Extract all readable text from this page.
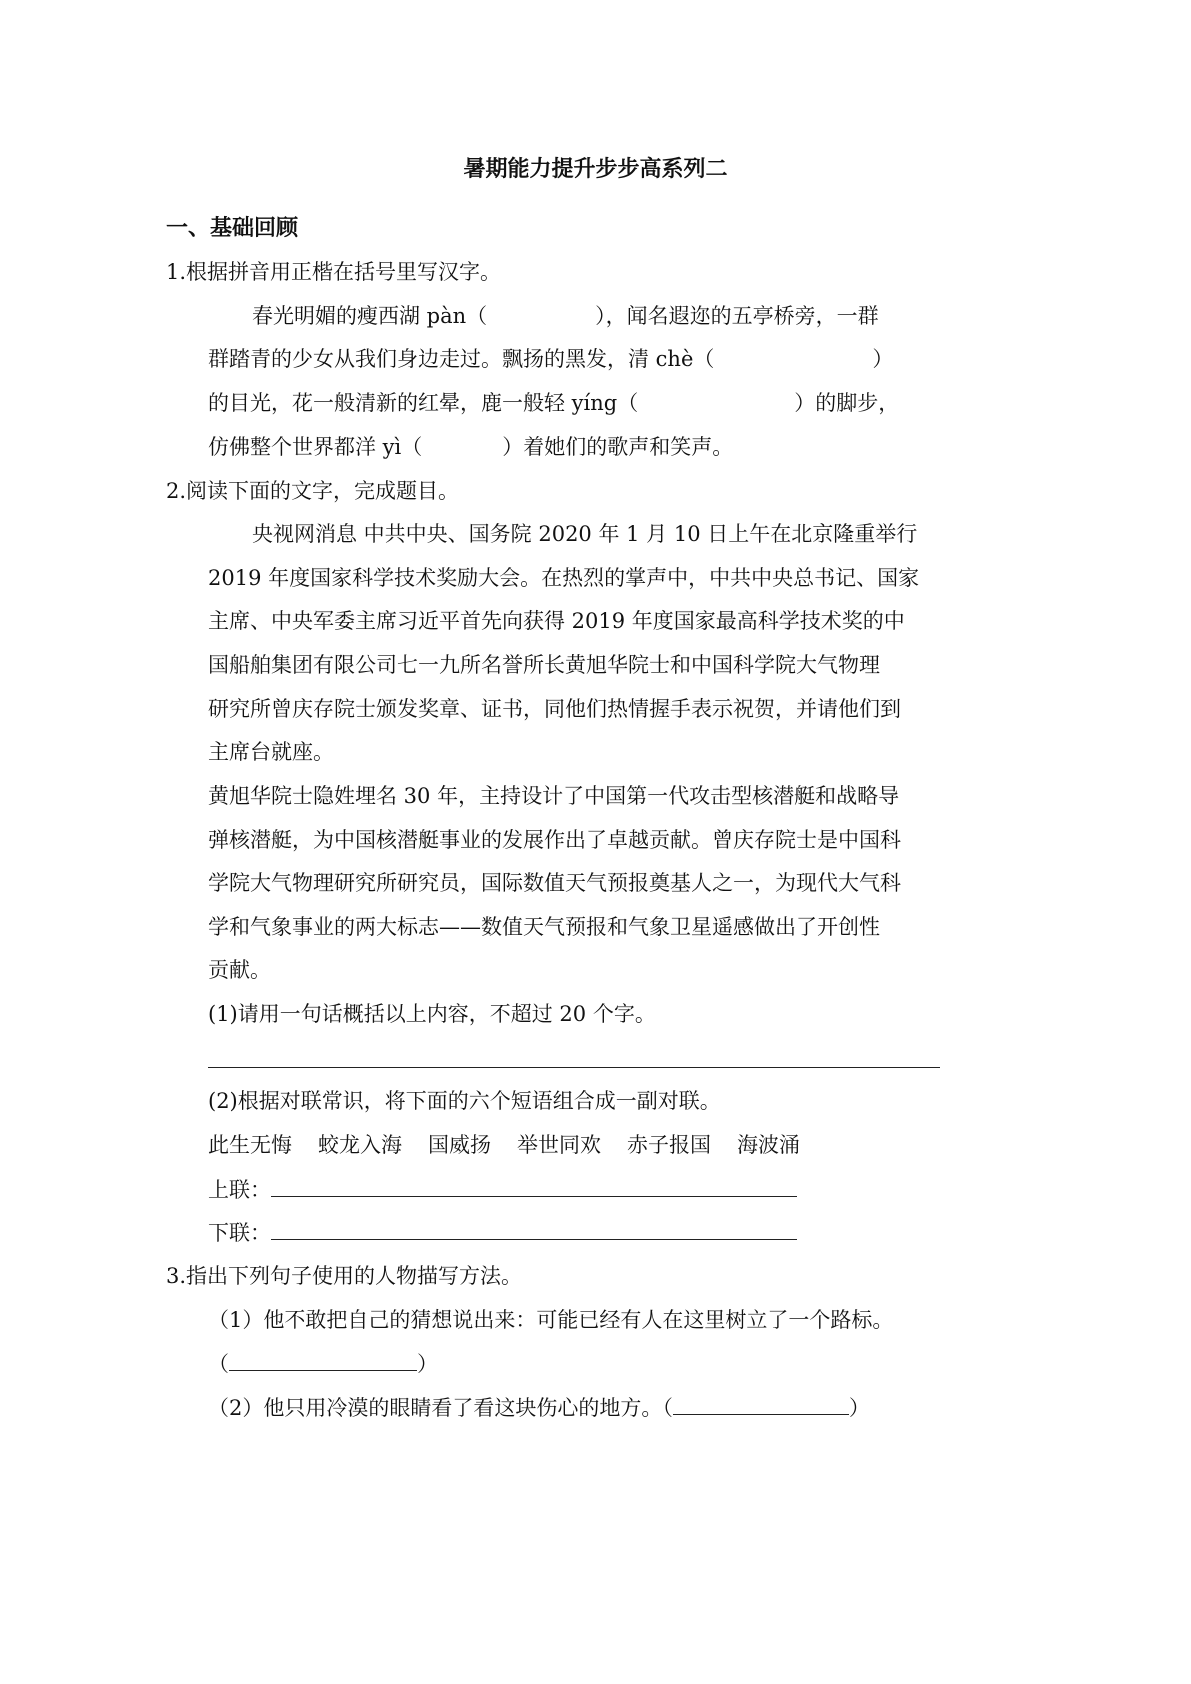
暑期能力提升步步高系列二
一、基础回顾
1.根据拼音用正楷在括号里写汉字。
春光明媚的瘦西湖 pàn（	），闻名遐迩的五亭桥旁，一群
群踏青的少女从我们身边走过。飘扬的黑发，清 chè（	）
的目光，花一般清新的红晕，鹿一般轻 yíng（	）的脚步，
仿佛整个世界都洋 yì（	）着她们的歌声和笑声。
2.阅读下面的文字，完成题目。
央视网消息 中共中央、国务院 2020 年 1 月 10 日上午在北京隆重举行
2019 年度国家科学技术奖励大会。在热烈的掌声中，中共中央总书记、国家
主席、中央军委主席习近平首先向获得 2019 年度国家最高科学技术奖的中
国船舶集团有限公司七一九所名誉所长黄旭华院士和中国科学院大气物理
研究所曾庆存院士颁发奖章、证书，同他们热情握手表示祝贺，并请他们到
主席台就座。
黄旭华院士隐姓埋名 30 年，主持设计了中国第一代攻击型核潜艇和战略导
弹核潜艇，为中国核潜艇事业的发展作出了卓越贡献。曾庆存院士是中国科
学院大气物理研究所研究员，国际数值天气预报奠基人之一，为现代大气科
学和气象事业的两大标志——数值天气预报和气象卫星遥感做出了开创性
贡献。
(1)请用一句话概括以上内容，不超过 20 个字。
(2)根据对联常识，将下面的六个短语组合成一副对联。
此生无悔 蛟龙入海 国威扬 举世同欢 赤子报国 海波涌
上联：
下联：
3.指出下列句子使用的人物描写方法。
（1）他不敢把自己的猜想说出来：可能已经有人在这里树立了一个路标。
（	）
（2）他只用冷漠的眼睛看了看这块伤心的地方。（	）
